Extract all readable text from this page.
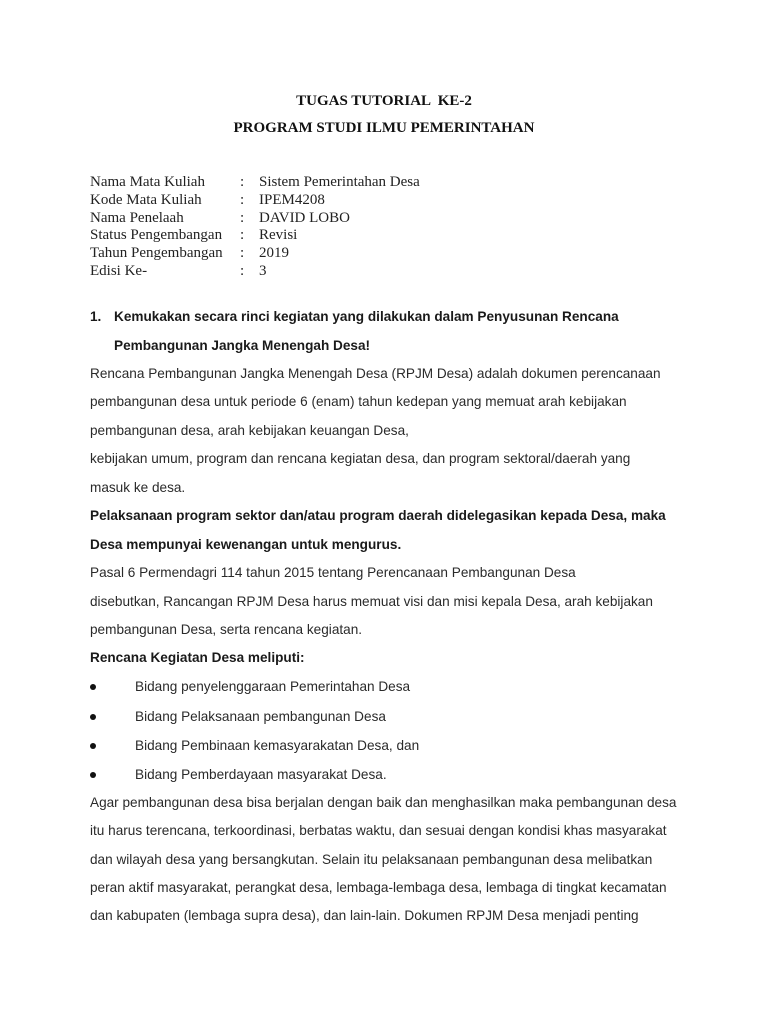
TUGAS TUTORIAL  KE-2
PROGRAM STUDI ILMU PEMERINTAHAN
Nama Mata Kuliah : Sistem Pemerintahan Desa
Kode Mata Kuliah	: IPEM4208
Nama Penelaah	: DAVID LOBO
Status Pengembangan : Revisi
Tahun Pengembangan : 2019
Edisi Ke-	: 3
1. Kemukakan secara rinci kegiatan yang dilakukan dalam Penyusunan Rencana
Pembangunan Jangka Menengah Desa!
Rencana Pembangunan Jangka Menengah Desa (RPJM Desa) adalah dokumen perencanaan
pembangunan desa untuk periode 6 (enam) tahun kedepan yang memuat arah kebijakan
pembangunan desa, arah kebijakan keuangan Desa,
kebijakan umum, program dan rencana kegiatan desa, dan program sektoral/daerah yang
masuk ke desa.
Pelaksanaan program sektor dan/atau program daerah didelegasikan kepada Desa, maka
Desa mempunyai kewenangan untuk mengurus.
Pasal 6 Permendagri 114 tahun 2015 tentang Perencanaan Pembangunan Desa
disebutkan, Rancangan RPJM Desa harus memuat visi dan misi kepala Desa, arah kebijakan
pembangunan Desa, serta rencana kegiatan.
Rencana Kegiatan Desa meliputi:
Bidang penyelenggaraan Pemerintahan Desa
Bidang Pelaksanaan pembangunan Desa
Bidang Pembinaan kemasyarakatan Desa, dan
Bidang Pemberdayaan masyarakat Desa.
Agar pembangunan desa bisa berjalan dengan baik dan menghasilkan maka pembangunan desa
itu harus terencana, terkoordinasi, berbatas waktu, dan sesuai dengan kondisi khas masyarakat
dan wilayah desa yang bersangkutan. Selain itu pelaksanaan pembangunan desa melibatkan
peran aktif masyarakat, perangkat desa, lembaga-lembaga desa, lembaga di tingkat kecamatan
dan kabupaten (lembaga supra desa), dan lain-lain. Dokumen RPJM Desa menjadi penting
